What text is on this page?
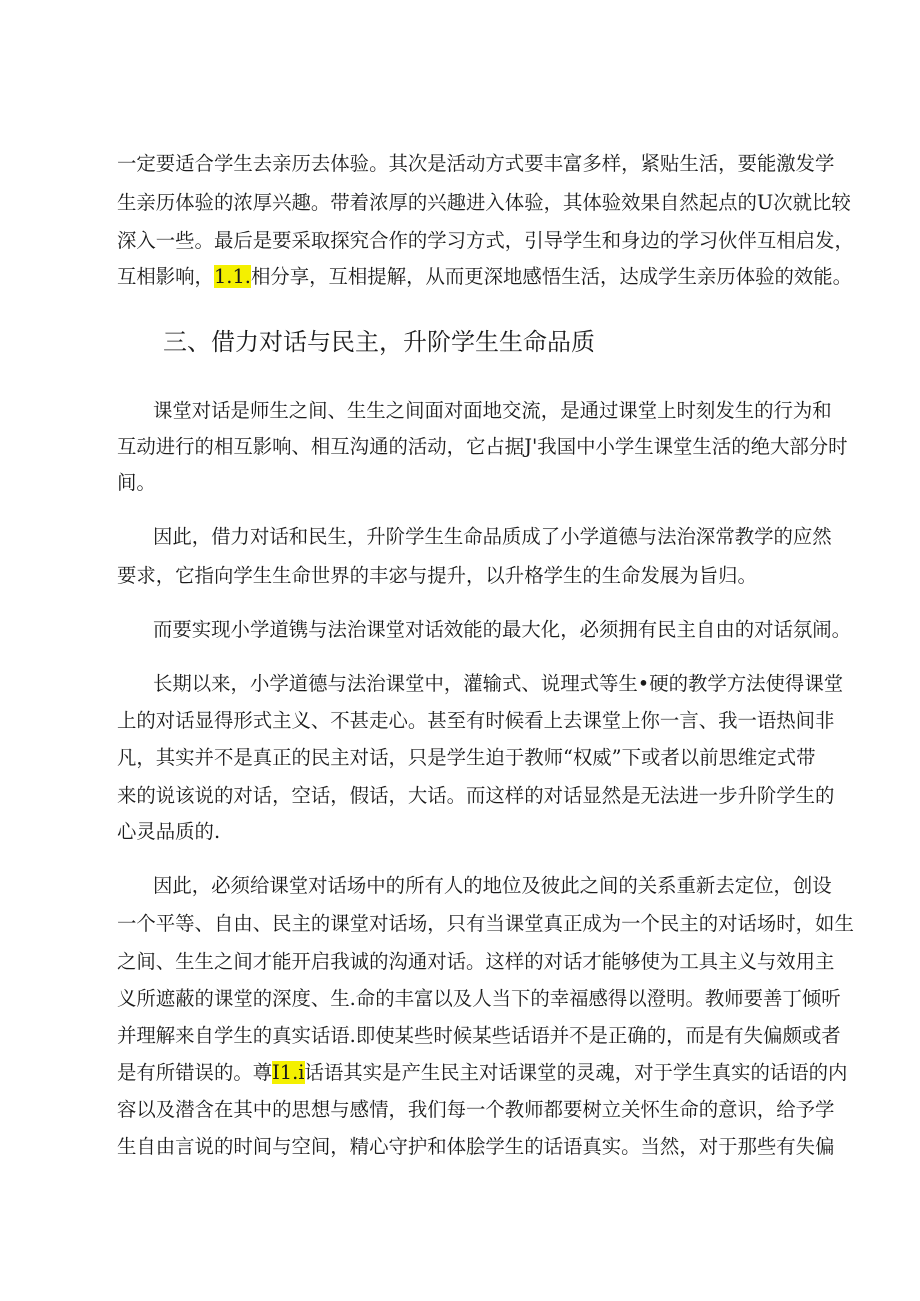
一定要适合学生去亲历去体验。其次是活动方式要丰富多样，紧贴生活，要能激发学
生亲历体验的浓厚兴趣。带着浓厚的兴趣进入体验，其体验效果自然起点的U次就比较
深入一些。最后是要采取探究合作的学习方式，引导学生和身边的学习伙伴互相启发，
互相影响，1.1.相分享，互相提解，从而更深地感悟生活，达成学生亲历体验的效能。
三、借力对话与民主，升阶学生生命品质
课堂对话是师生之间、生生之间面对面地交流，是通过课堂上时刻发生的行为和
互动进行的相互影响、相互沟通的活动，它占据J'我国中小学生课堂生活的绝大部分时
间。
因此，借力对话和民生，升阶学生生命品质成了小学道德与法治深常教学的应然
要求，它指向学生生命世界的丰宓与提升，以升格学生的生命发展为旨归。
而要实现小学道镌与法治课堂对话效能的最大化，必须拥有民主自由的对话氛闹。
长期以来，小学道德与法治课堂中，灌输式、说理式等生•硬的教学方法使得课堂
上的对话显得形式主义、不甚走心。甚至有时候看上去课堂上你一言、我一语热间非
凡，其实并不是真正的民主对话，只是学生迫于教师“权威”下或者以前思维定式带
来的说该说的对话，空话，假话，大话。而这样的对话显然是无法进一步升阶学生的
心灵品质的.
因此，必须给课堂对话场中的所有人的地位及彼此之间的关系重新去定位，创设
一个平等、自由、民主的课堂对话场，只有当课堂真正成为一个民主的对话场时，如生
之间、生生之间才能开启我诚的沟通对话。这样的对话才能够使为工具主义与效用主
义所遮蔽的课堂的深度、生.命的丰富以及人当下的幸福感得以澄明。教师要善丁倾听
并理解来自学生的真实话语.即使某些时候某些话语并不是正确的，而是有失偏颇或者
是有所错误的。尊I1.i话语其实是产生民主对话课堂的灵魂，对于学生真实的话语的内
容以及潜含在其中的思想与感情，我们每一个教师都要树立关怀生命的意识，给予学
生自由言说的时间与空间，精心守护和体脍学生的话语真实。当然，对于那些有失偏
